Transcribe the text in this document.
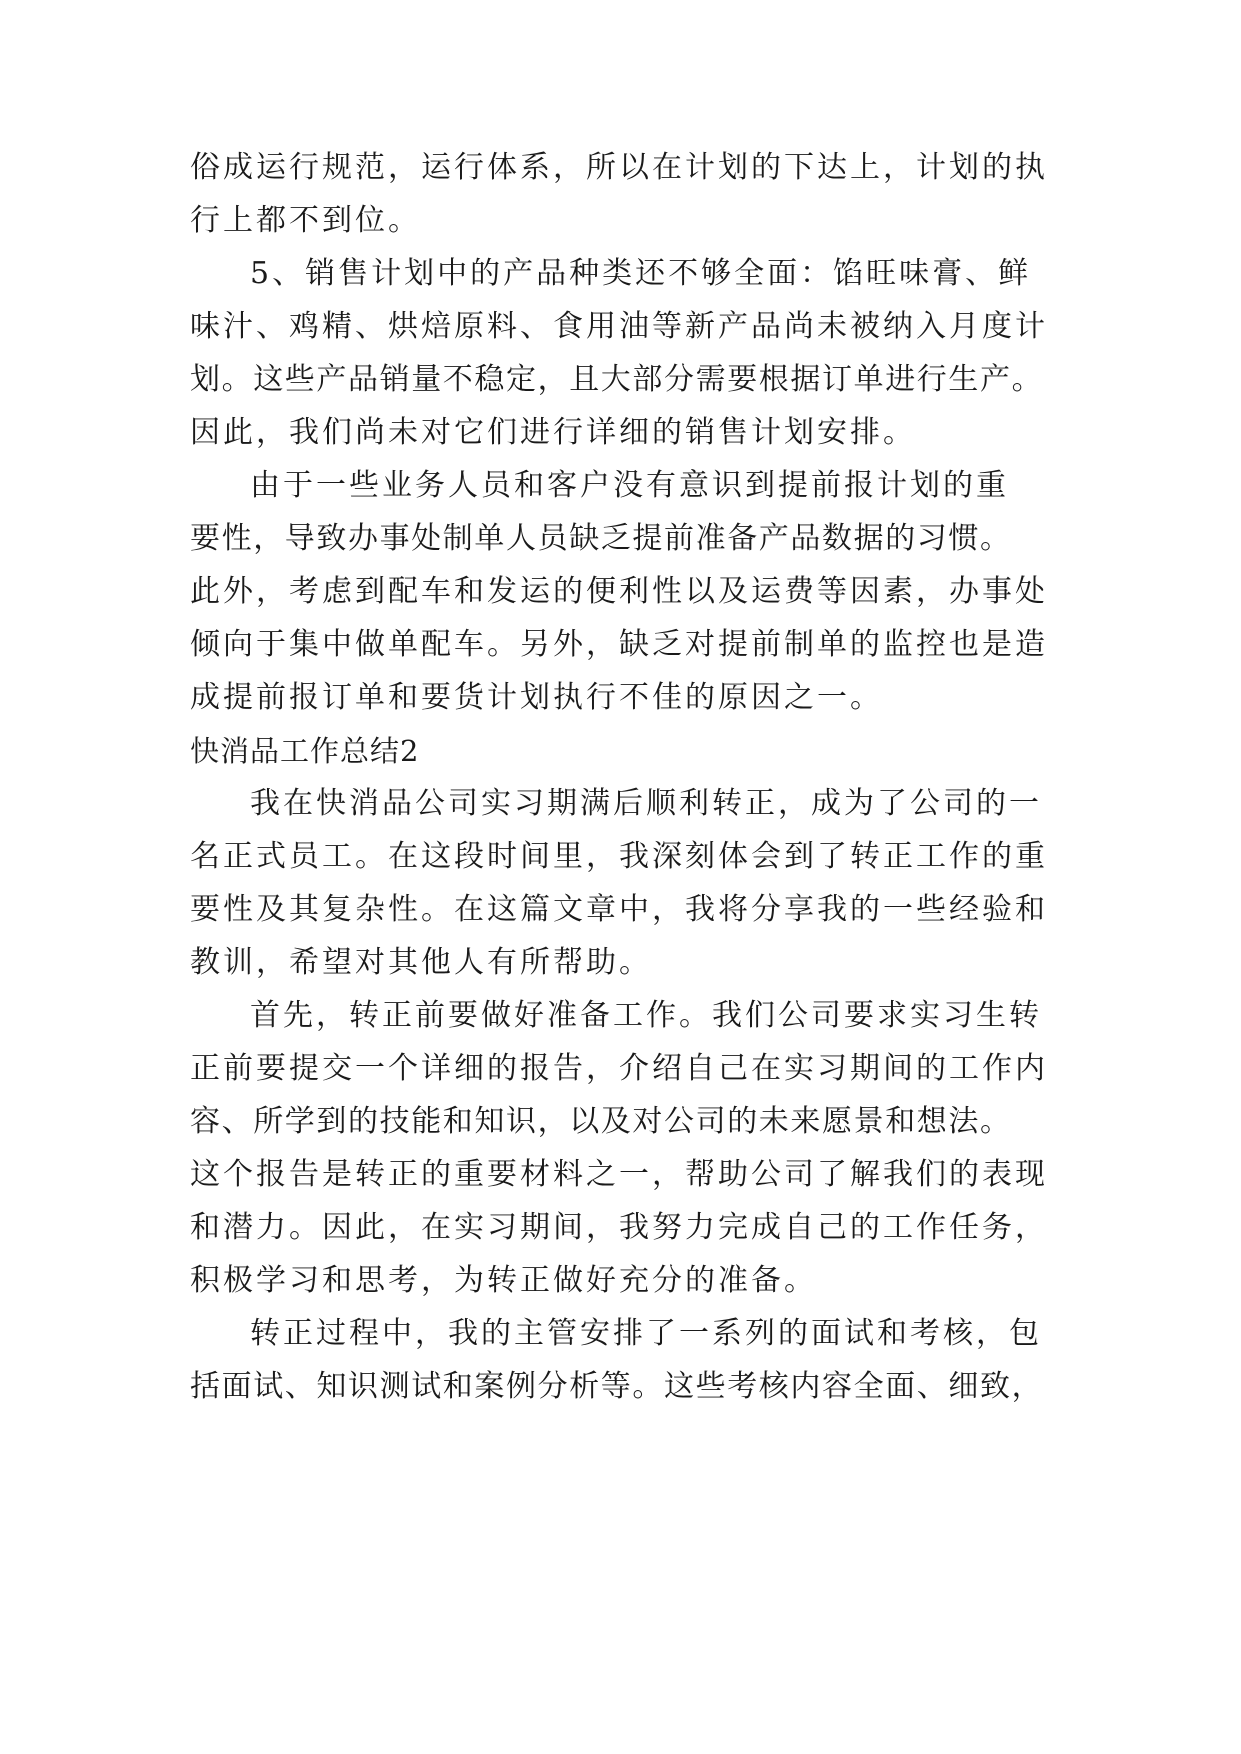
俗成运行规范，运行体系，所以在计划的下达上，计划的执
行上都不到位。
5、销售计划中的产品种类还不够全面：馅旺味膏、鲜
味汁、鸡精、烘焙原料、食用油等新产品尚未被纳入月度计
划。这些产品销量不稳定，且大部分需要根据订单进行生产。
因此，我们尚未对它们进行详细的销售计划安排。
由于一些业务人员和客户没有意识到提前报计划的重
要性，导致办事处制单人员缺乏提前准备产品数据的习惯。
此外，考虑到配车和发运的便利性以及运费等因素，办事处
倾向于集中做单配车。另外，缺乏对提前制单的监控也是造
成提前报订单和要货计划执行不佳的原因之一。
快消品工作总结2
我在快消品公司实习期满后顺利转正，成为了公司的一
名正式员工。在这段时间里，我深刻体会到了转正工作的重
要性及其复杂性。在这篇文章中，我将分享我的一些经验和
教训，希望对其他人有所帮助。
首先，转正前要做好准备工作。我们公司要求实习生转
正前要提交一个详细的报告，介绍自己在实习期间的工作内
容、所学到的技能和知识，以及对公司的未来愿景和想法。
这个报告是转正的重要材料之一，帮助公司了解我们的表现
和潜力。因此，在实习期间，我努力完成自己的工作任务，
积极学习和思考，为转正做好充分的准备。
转正过程中，我的主管安排了一系列的面试和考核，包
括面试、知识测试和案例分析等。这些考核内容全面、细致，
